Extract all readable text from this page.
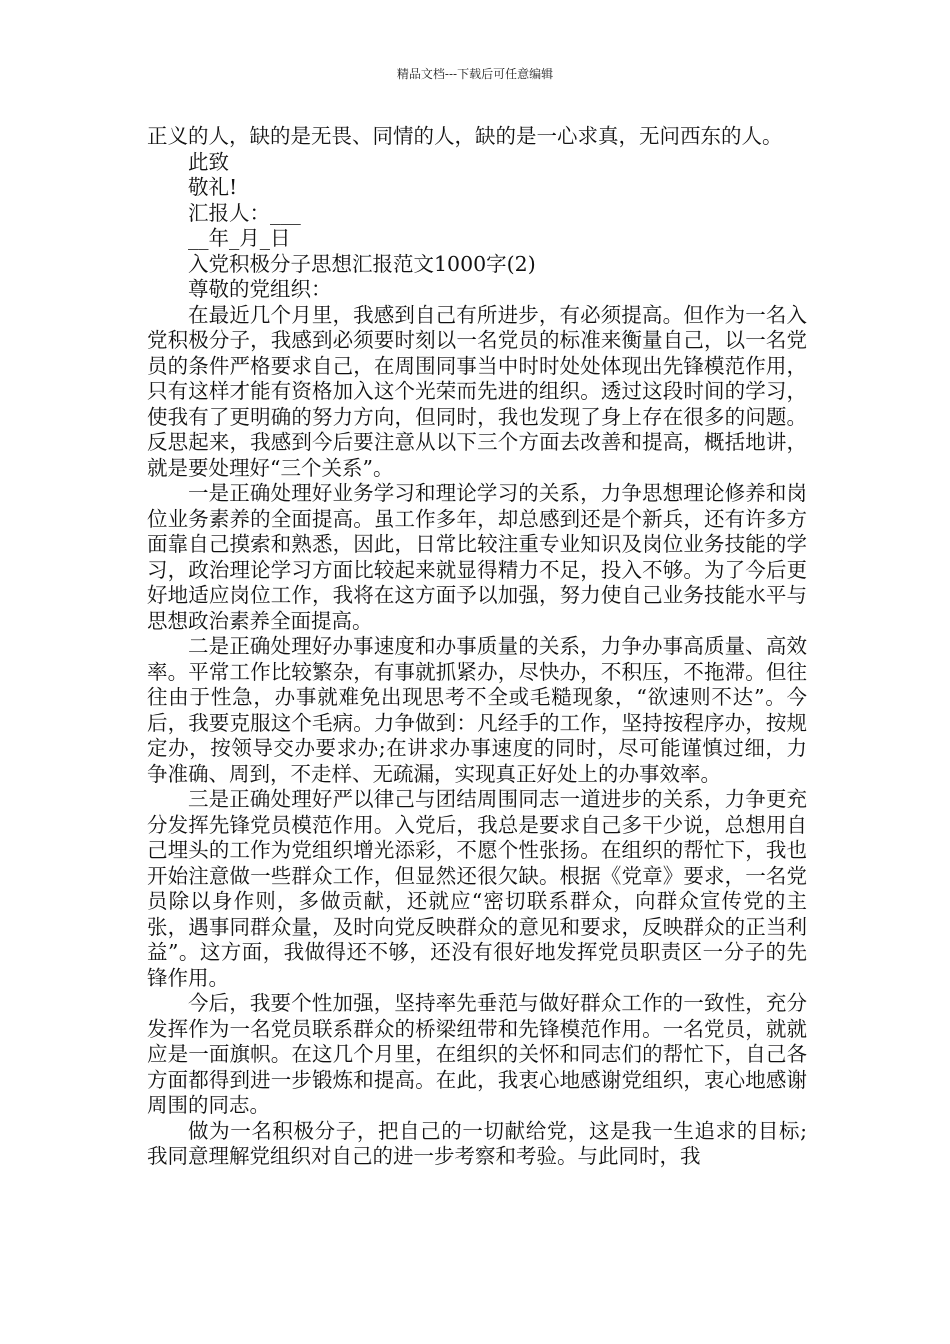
精品文档---下载后可任意编辑

正义的人，缺的是无畏、同情的人，缺的是一心求真，无问西东的人。

此致

敬礼!

汇报人：___

__年_月_日

入党积极分子思想汇报范文1000字(2)

尊敬的党组织：

在最近几个月里，我感到自己有所进步，有必须提高。但作为一名入党积极分子，我感到必须要时刻以一名党员的标准来衡量自己，以一名党员的条件严格要求自己，在周围同事当中时时处处体现出先锋模范作用，只有这样才能有资格加入这个光荣而先进的组织。透过这段时间的学习，使我有了更明确的努力方向，但同时，我也发现了身上存在很多的问题。反思起来，我感到今后要注意从以下三个方面去改善和提高，概括地讲，就是要处理好“三个关系”。

一是正确处理好业务学习和理论学习的关系，力争思想理论修养和岗位业务素养的全面提高。虽工作多年，却总感到还是个新兵，还有许多方面靠自己摸索和熟悉，因此，日常比较注重专业知识及岗位业务技能的学习，政治理论学习方面比较起来就显得精力不足，投入不够。为了今后更好地适应岗位工作，我将在这方面予以加强，努力使自己业务技能水平与思想政治素养全面提高。

二是正确处理好办事速度和办事质量的关系，力争办事高质量、高效率。平常工作比较繁杂，有事就抓紧办，尽快办，不积压，不拖滞。但往往由于性急，办事就难免出现思考不全或毛糙现象，“欲速则不达”。今后，我要克服这个毛病。力争做到：凡经手的工作，坚持按程序办，按规定办，按领导交办要求办;在讲求办事速度的同时，尽可能谨慎过细，力争准确、周到，不走样、无疏漏，实现真正好处上的办事效率。

三是正确处理好严以律己与团结周围同志一道进步的关系，力争更充分发挥先锋党员模范作用。入党后，我总是要求自己多干少说，总想用自己埋头的工作为党组织增光添彩，不愿个性张扬。在组织的帮忙下，我也开始注意做一些群众工作，但显然还很欠缺。根据《党章》要求，一名党员除以身作则，多做贡献，还就应“密切联系群众，向群众宣传党的主张，遇事同群众量，及时向党反映群众的意见和要求，反映群众的正当利益”。这方面，我做得还不够，还没有很好地发挥党员职责区一分子的先锋作用。

今后，我要个性加强，坚持率先垂范与做好群众工作的一致性，充分发挥作为一名党员联系群众的桥梁纽带和先锋模范作用。一名党员，就就应是一面旗帜。在这几个月里，在组织的关怀和同志们的帮忙下，自己各方面都得到进一步锻炼和提高。在此，我衷心地感谢党组织，衷心地感谢周围的同志。

做为一名积极分子，把自己的一切献给党，这是我一生追求的目标;我同意理解党组织对自己的进一步考察和考验。与此同时，我
